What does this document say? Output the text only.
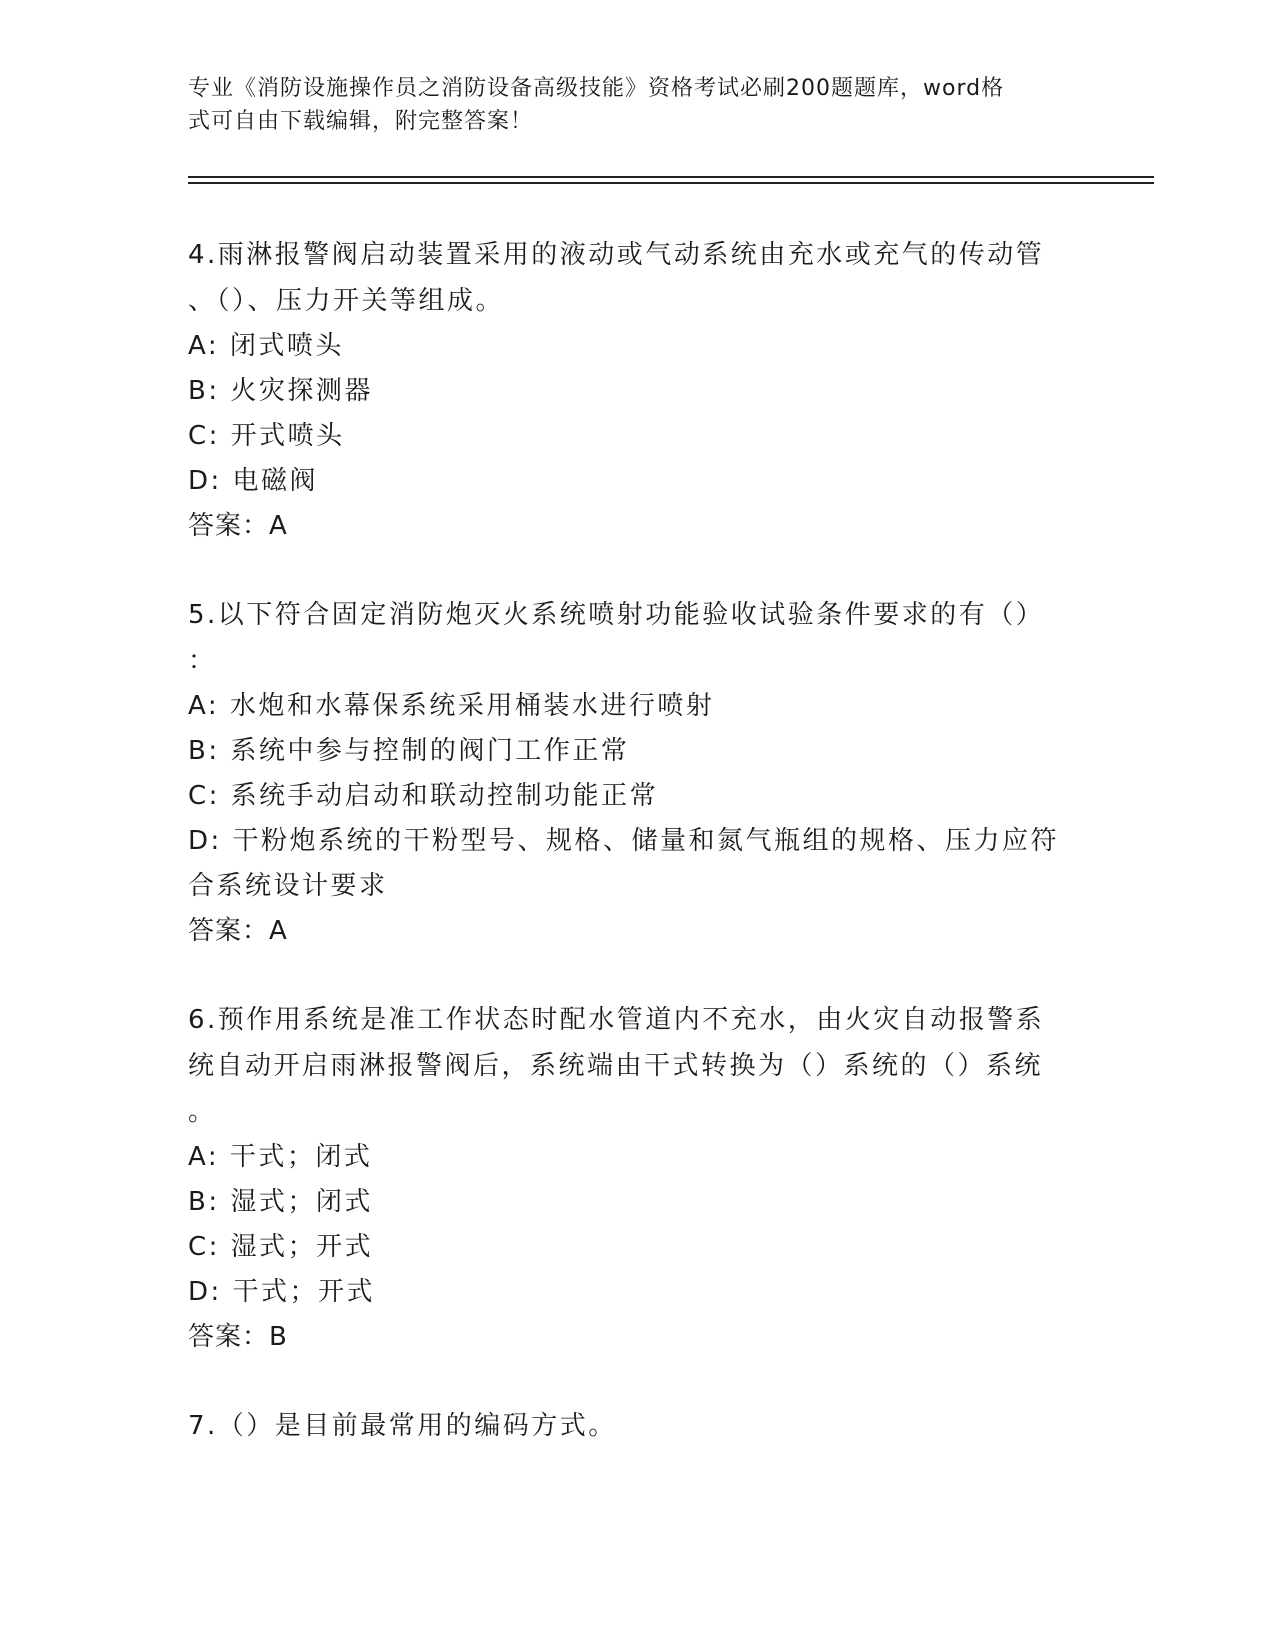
专业《消防设施操作员之消防设备高级技能》资格考试必刷200题题库，word格
式可自由下载编辑，附完整答案！

4.雨淋报警阀启动装置采用的液动或气动系统由充水或充气的传动管

、（）、压力开关等组成。

A: 闭式喷头

B: 火灾探测器

C: 开式喷头

D: 电磁阀

答案：A

5.以下符合固定消防炮灭火系统喷射功能验收试验条件要求的有（）

：

A: 水炮和水幕保系统采用桶装水进行喷射

B: 系统中参与控制的阀门工作正常

C: 系统手动启动和联动控制功能正常

D: 干粉炮系统的干粉型号、规格、储量和氮气瓶组的规格、压力应符

合系统设计要求

答案：A

6.预作用系统是准工作状态时配水管道内不充水，由火灾自动报警系

统自动开启雨淋报警阀后，系统端由干式转换为（）系统的（）系统

。

A: 干式；闭式

B: 湿式；闭式

C: 湿式；开式

D: 干式；开式

答案：B

7.（）是目前最常用的编码方式。
